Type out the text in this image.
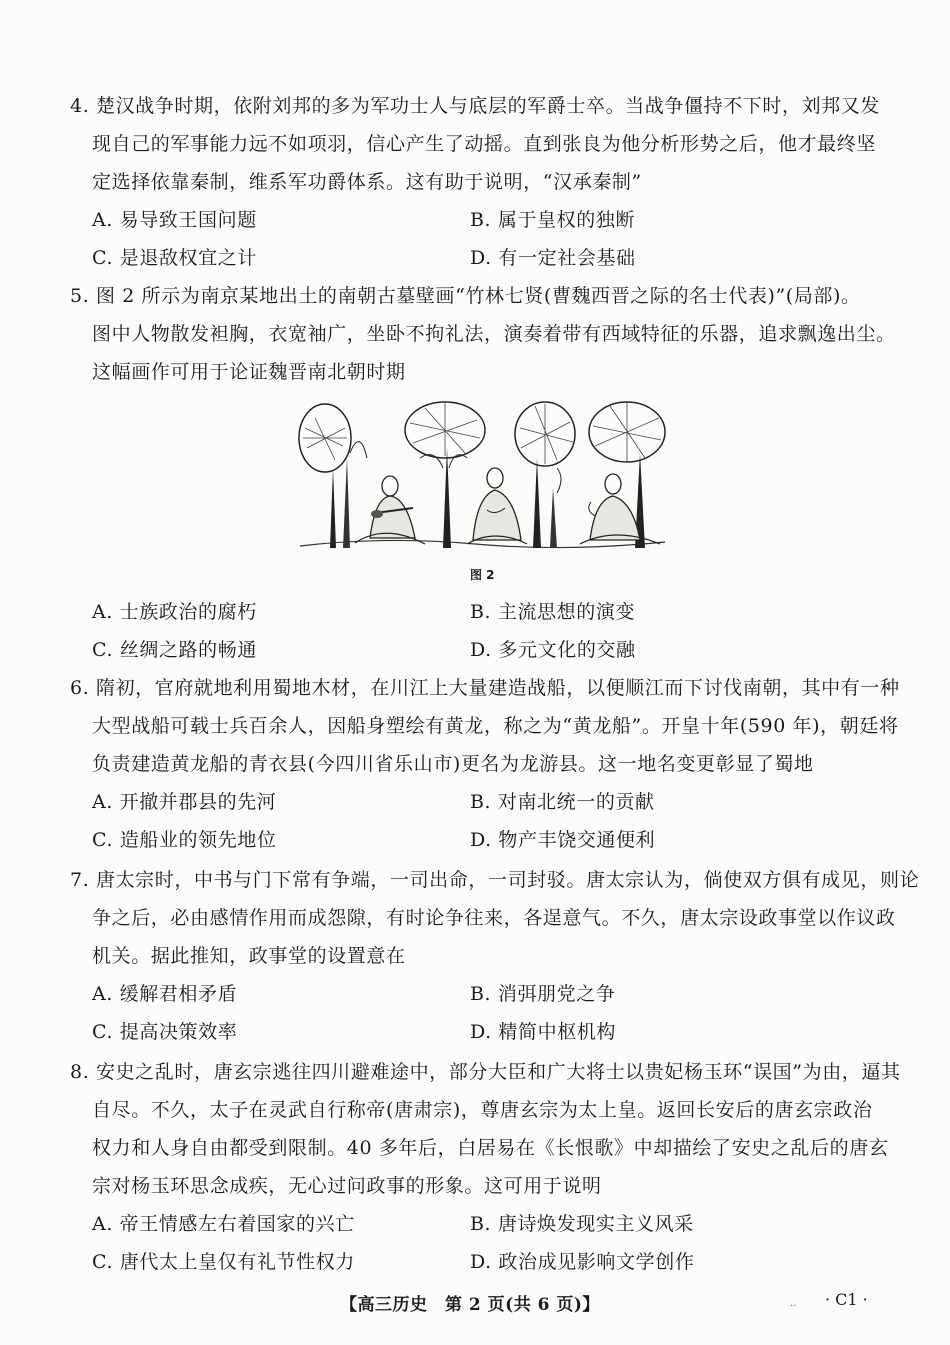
4. 楚汉战争时期，依附刘邦的多为军功士人与底层的军爵士卒。当战争僵持不下时，刘邦又发
现自己的军事能力远不如项羽，信心产生了动摇。直到张良为他分析形势之后，他才最终坚
定选择依靠秦制，维系军功爵体系。这有助于说明，“汉承秦制”
A. 易导致王国问题	B. 属于皇权的独断
C. 是退敌权宜之计	D. 有一定社会基础
5. 图 2 所示为南京某地出土的南朝古墓壁画“竹林七贤(曹魏西晋之际的名士代表)”(局部)。
图中人物散发袒胸，衣宽袖广，坐卧不拘礼法，演奏着带有西域特征的乐器，追求飘逸出尘。
这幅画作可用于论证魏晋南北朝时期
图 2
A. 士族政治的腐朽	B. 主流思想的演变
C. 丝绸之路的畅通	D. 多元文化的交融
6. 隋初，官府就地利用蜀地木材，在川江上大量建造战船，以便顺江而下讨伐南朝，其中有一种
大型战船可载士兵百余人，因船身塑绘有黄龙，称之为“黄龙船”。开皇十年(590 年)，朝廷将
负责建造黄龙船的青衣县(今四川省乐山市)更名为龙游县。这一地名变更彰显了蜀地
A. 开撤并郡县的先河	B. 对南北统一的贡献
C. 造船业的领先地位	D. 物产丰饶交通便利
7. 唐太宗时，中书与门下常有争端，一司出命，一司封驳。唐太宗认为，倘使双方俱有成见，则论
争之后，必由感情作用而成怨隙，有时论争往来，各逞意气。不久，唐太宗设政事堂以作议政
机关。据此推知，政事堂的设置意在
A. 缓解君相矛盾	B. 消弭朋党之争
C. 提高决策效率	D. 精简中枢机构
8. 安史之乱时，唐玄宗逃往四川避难途中，部分大臣和广大将士以贵妃杨玉环“误国”为由，逼其
自尽。不久，太子在灵武自行称帝(唐肃宗)，尊唐玄宗为太上皇。返回长安后的唐玄宗政治
权力和人身自由都受到限制。40 多年后，白居易在《长恨歌》中却描绘了安史之乱后的唐玄
宗对杨玉环思念成疾，无心过问政事的形象。这可用于说明
A. 帝王情感左右着国家的兴亡	B. 唐诗焕发现实主义风采
C. 唐代太上皇仅有礼节性权力	D. 政治成见影响文学创作
【高三历史　第 2 页(共 6 页)】	.. · C1 ·
